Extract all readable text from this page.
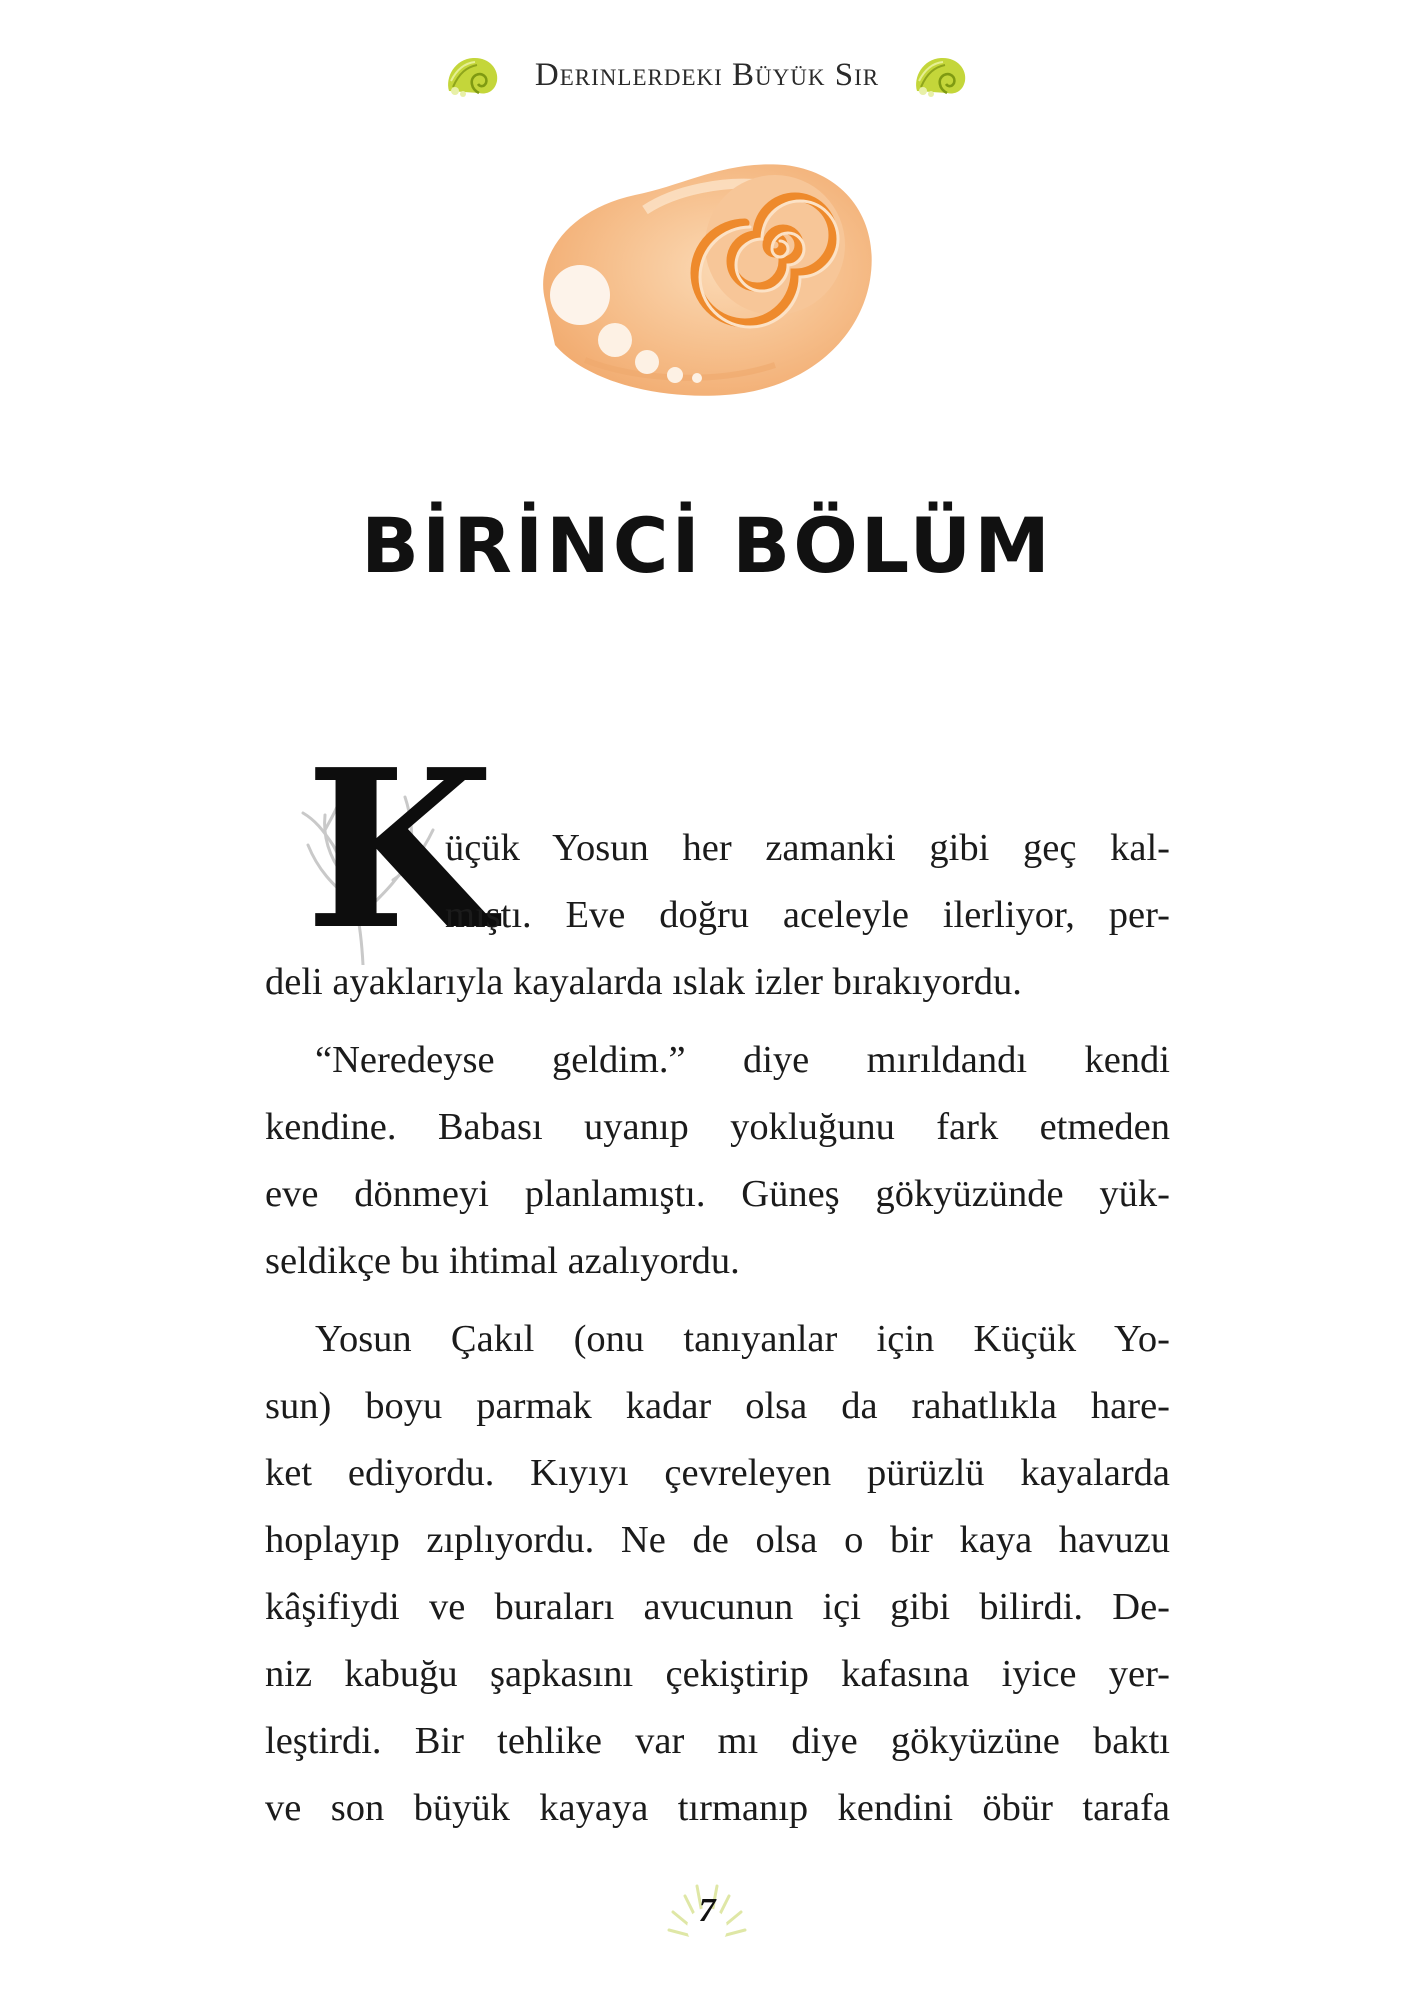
Derinlerdeki Büyük Sır
BİRİNCİ BÖLÜM
K

üçük Yosun her zamanki gibi geç kal-
mıştı. Eve doğru aceleyle ilerliyor, per-
deli ayaklarıyla kayalarda ıslak izler bırakıyordu.

“Neredeyse geldim.” diye mırıldandı kendi
kendine. Babası uyanıp yokluğunu fark etmeden
eve dönmeyi planlamıştı. Güneş gökyüzünde yük-
seldikçe bu ihtimal azalıyordu.

Yosun Çakıl (onu tanıyanlar için Küçük Yo-
sun) boyu parmak kadar olsa da rahatlıkla hare-
ket ediyordu. Kıyıyı çevreleyen pürüzlü kayalarda
hoplayıp zıplıyordu. Ne de olsa o bir kaya havuzu
kâşifiydi ve buraları avucunun içi gibi bilirdi. De-
niz kabuğu şapkasını çekiştirip kafasına iyice yer-
leştirdi. Bir tehlike var mı diye gökyüzüne baktı
ve son büyük kayaya tırmanıp kendini öbür tarafa

7
